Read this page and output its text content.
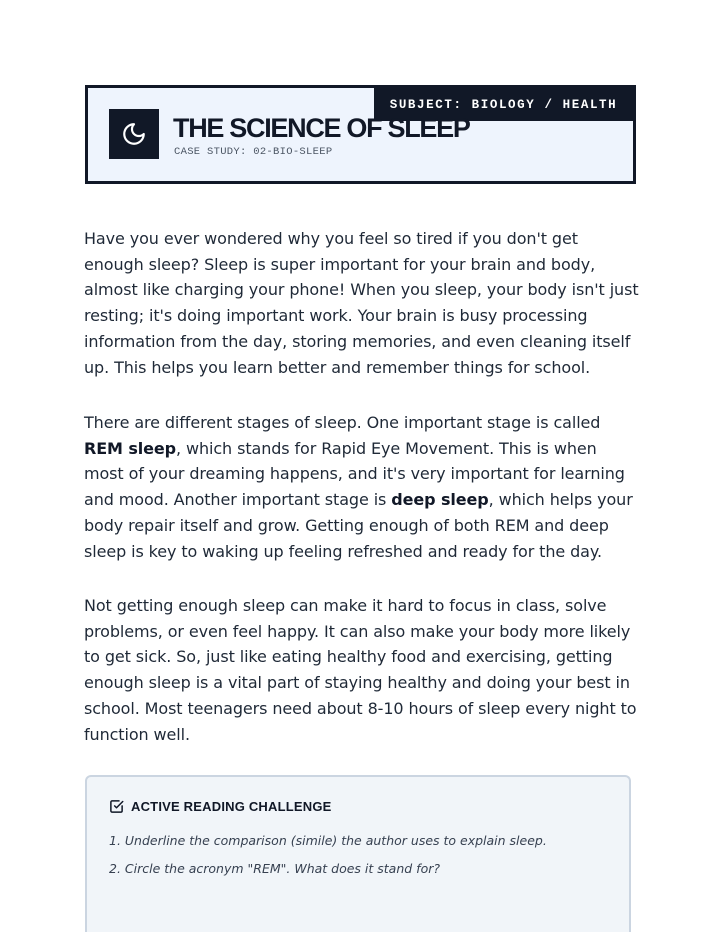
SUBJECT: BIOLOGY / HEALTH
THE SCIENCE OF SLEEP
CASE STUDY: 02-BIO-SLEEP

Have you ever wondered why you feel so tired if you don't get enough sleep? Sleep is super important for your brain and body, almost like charging your phone! When you sleep, your body isn't just resting; it's doing important work. Your brain is busy processing information from the day, storing memories, and even cleaning itself up. This helps you learn better and remember things for school.

There are different stages of sleep. One important stage is called REM sleep, which stands for Rapid Eye Movement. This is when most of your dreaming happens, and it's very important for learning and mood. Another important stage is deep sleep, which helps your body repair itself and grow. Getting enough of both REM and deep sleep is key to waking up feeling refreshed and ready for the day.

Not getting enough sleep can make it hard to focus in class, solve problems, or even feel happy. It can also make your body more likely to get sick. So, just like eating healthy food and exercising, getting enough sleep is a vital part of staying healthy and doing your best in school. Most teenagers need about 8-10 hours of sleep every night to function well.

ACTIVE READING CHALLENGE
1. Underline the comparison (simile) the author uses to explain sleep.
2. Circle the acronym "REM". What does it stand for?
